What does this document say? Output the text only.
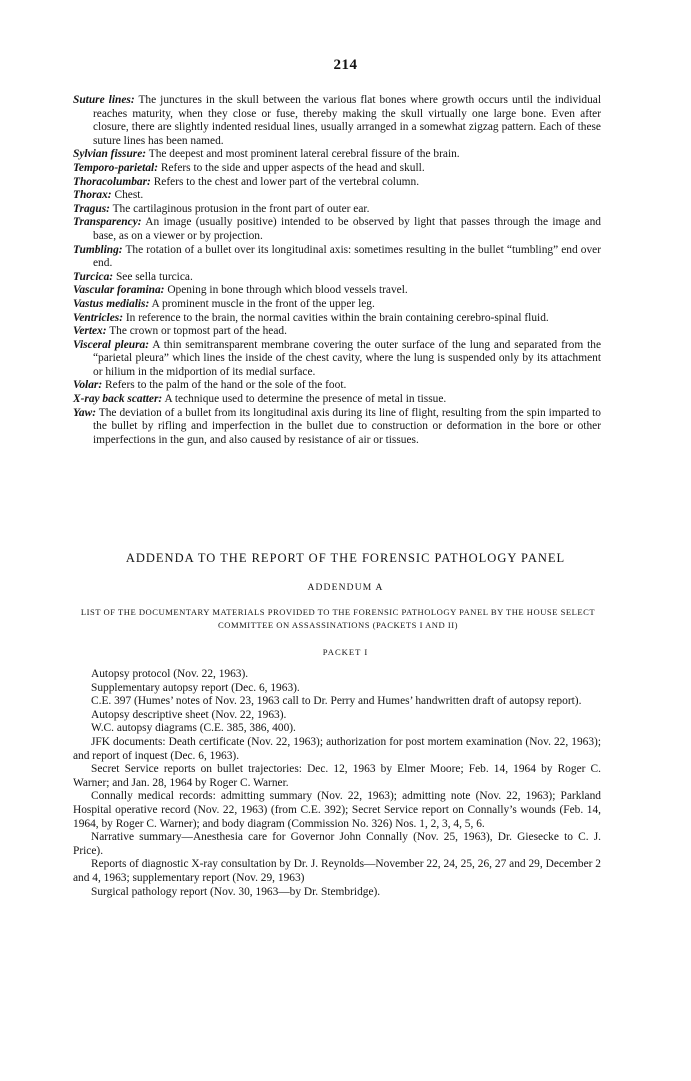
214

Suture lines: The junctures in the skull between the various flat bones where growth occurs until the individual reaches maturity, when they close or fuse, thereby making the skull virtually one large bone. Even after closure, there are slightly indented residual lines, usually arranged in a somewhat zigzag pattern. Each of these suture lines has been named.

Sylvian fissure: The deepest and most prominent lateral cerebral fissure of the brain.

Temporo-parietal: Refers to the side and upper aspects of the head and skull.

Thoracolumbar: Refers to the chest and lower part of the vertebral column.

Thorax: Chest.

Tragus: The cartilaginous protusion in the front part of outer ear.

Transparency: An image (usually positive) intended to be observed by light that passes through the image and base, as on a viewer or by projection.

Tumbling: The rotation of a bullet over its longitudinal axis: sometimes resulting in the bullet “tumbling” end over end.

Turcica: See sella turcica.

Vascular foramina: Opening in bone through which blood vessels travel.

Vastus medialis: A prominent muscle in the front of the upper leg.

Ventricles: In reference to the brain, the normal cavities within the brain containing cerebro-spinal fluid.

Vertex: The crown or topmost part of the head.

Visceral pleura: A thin semitransparent membrane covering the outer surface of the lung and separated from the “parietal pleura” which lines the inside of the chest cavity, where the lung is suspended only by its attachment or hilium in the midportion of its medial surface.

Volar: Refers to the palm of the hand or the sole of the foot.

X-ray back scatter: A technique used to determine the presence of metal in tissue.

Yaw: The deviation of a bullet from its longitudinal axis during its line of flight, resulting from the spin imparted to the bullet by rifling and imperfection in the bullet due to construction or deformation in the bore or other imperfections in the gun, and also caused by resistance of air or tissues.

ADDENDA TO THE REPORT OF THE FORENSIC PATHOLOGY PANEL
ADDENDUM A
LIST OF THE DOCUMENTARY MATERIALS PROVIDED TO THE FORENSIC PATHOLOGY PANEL BY THE HOUSE SELECT COMMITTEE ON ASSASSINATIONS (PACKETS I AND II)
PACKET I

Autopsy protocol (Nov. 22, 1963).

Supplementary autopsy report (Dec. 6, 1963).

C.E. 397 (Humes’ notes of Nov. 23, 1963 call to Dr. Perry and Humes’ handwritten draft of autopsy report).

Autopsy descriptive sheet (Nov. 22, 1963).

W.C. autopsy diagrams (C.E. 385, 386, 400).

JFK documents: Death certificate (Nov. 22, 1963); authorization for post mortem examination (Nov. 22, 1963); and report of inquest (Dec. 6, 1963).

Secret Service reports on bullet trajectories: Dec. 12, 1963 by Elmer Moore; Feb. 14, 1964 by Roger C. Warner; and Jan. 28, 1964 by Roger C. Warner.

Connally medical records: admitting summary (Nov. 22, 1963); admitting note (Nov. 22, 1963); Parkland Hospital operative record (Nov. 22, 1963) (from C.E. 392); Secret Service report on Connally’s wounds (Feb. 14, 1964, by Roger C. Warner); and body diagram (Commission No. 326) Nos. 1, 2, 3, 4, 5, 6.

Narrative summary—Anesthesia care for Governor John Connally (Nov. 25, 1963), Dr. Giesecke to C. J. Price).

Reports of diagnostic X-ray consultation by Dr. J. Reynolds—November 22, 24, 25, 26, 27 and 29, December 2 and 4, 1963; supplementary report (Nov. 29, 1963)

Surgical pathology report (Nov. 30, 1963—by Dr. Stembridge).
